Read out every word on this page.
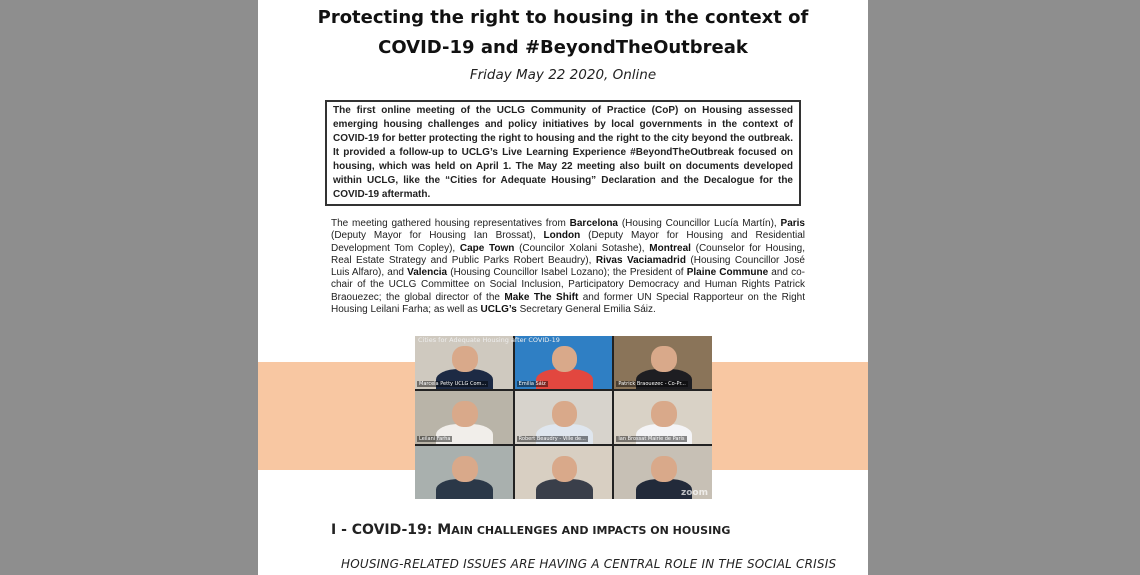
Protecting the right to housing in the context of
COVID-19 and #BeyondTheOutbreak
Friday May 22 2020, Online
The first online meeting of the UCLG Community of Practice (CoP) on Housing assessed emerging housing challenges and policy initiatives by local governments in the context of COVID-19 for better protecting the right to housing and the right to the city beyond the outbreak. It provided a follow-up to UCLG’s Live Learning Experience #BeyondTheOutbreak focused on housing, which was held on April 1. The May 22 meeting also built on documents developed within UCLG, like the “Cities for Adequate Housing” Declaration and the Decalogue for the COVID-19 aftermath.
The meeting gathered housing representatives from Barcelona (Housing Councillor Lucía Martín), Paris (Deputy Mayor for Housing Ian Brossat), London (Deputy Mayor for Housing and Residential Development Tom Copley), Cape Town (Councilor Xolani Sotashe), Montreal (Counselor for Housing, Real Estate Strategy and Public Parks Robert Beaudry), Rivas Vaciamadrid (Housing Councillor José Luis Alfaro), and Valencia (Housing Councillor Isabel Lozano); the President of Plaine Commune and co-chair of the UCLG Committee on Social Inclusion, Participatory Democracy and Human Rights Patrick Braouezec; the global director of the Make The Shift and former UN Special Rapporteur on the Right Housing Leilani Farha; as well as UCLG’s Secretary General Emilia Sáiz.
Cities for Adequate Housing after COVID-19
zoom
Marcela Petty UCLG Com...	Emilia Sáiz	Patrick Braouezec - Co-Pr...
Leilani Farha	Robert Beaudry - Ville de...	Ian Brossat Mairie de Paris
I - COVID-19: MAIN CHALLENGES AND IMPACTS ON HOUSING
HOUSING-RELATED ISSUES ARE HAVING A CENTRAL ROLE IN THE SOCIAL CRISIS
